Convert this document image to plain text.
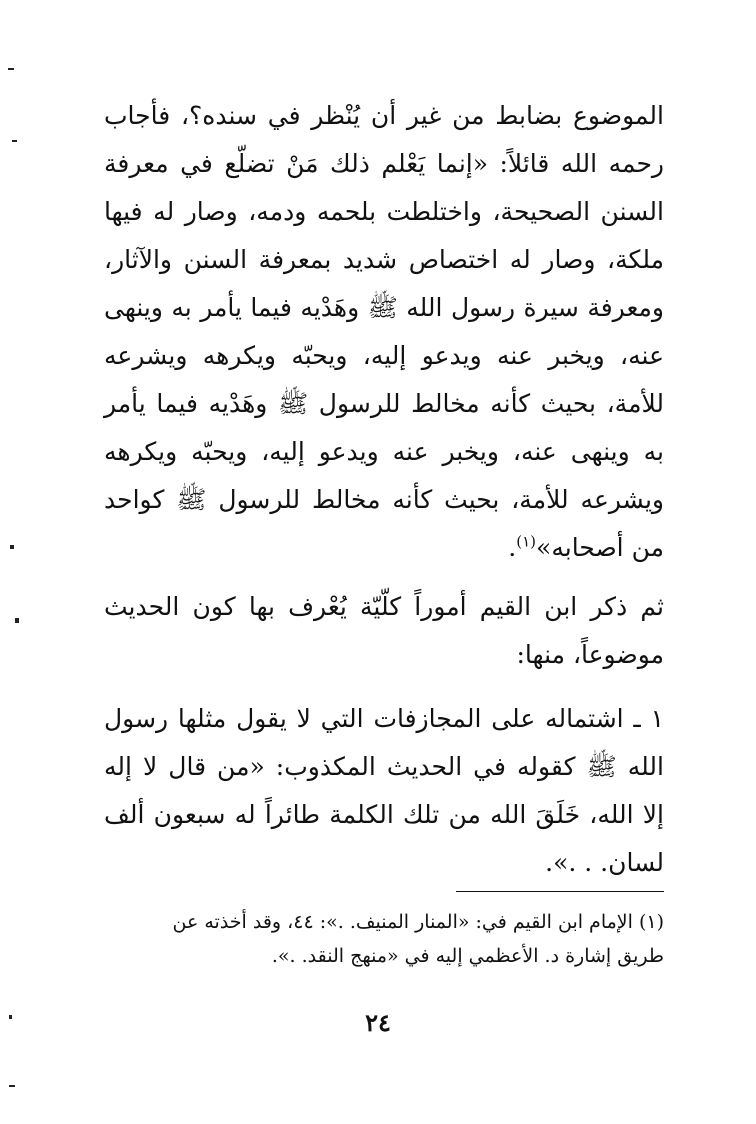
الموضوع بضابط من غير أن يُنْظر في سنده؟، فأجاب رحمه الله قائلاً: «إنما يَعْلم ذلك مَنْ تضلّع في معرفة السنن الصحيحة، واختلطت بلحمه ودمه، وصار له فيها ملكة، وصار له اختصاص شديد بمعرفة السنن والآثار، ومعرفة سيرة رسول الله ﷺ وهَدْيه فيما يأمر به وينهى عنه، ويخبر عنه ويدعو إليه، ويحبّه ويكرهه ويشرعه للأمة، بحيث كأنه مخالط للرسول ﷺ وهَدْيه فيما يأمر به وينهى عنه، ويخبر عنه ويدعو إليه، ويحبّه ويكرهه ويشرعه للأمة، بحيث كأنه مخالط للرسول ﷺ كواحد من أصحابه»$^{(١)}$.

ثم ذكر ابن القيم أموراً كلّيّة يُعْرف بها كون الحديث موضوعاً، منها:

١ ـ اشتماله على المجازفات التي لا يقول مثلها رسول الله ﷺ كقوله في الحديث المكذوب: «من قال لا إله إلا الله، خَلَقَ الله من تلك الكلمة طائراً له سبعون ألف لسان. . .».

(١) الإمام ابن القيم في: «المنار المنيف. .»: ٤٤، وقد أخذته عن

طريق إشارة د. الأعظمي إليه في «منهج النقد. .».

٢٤
